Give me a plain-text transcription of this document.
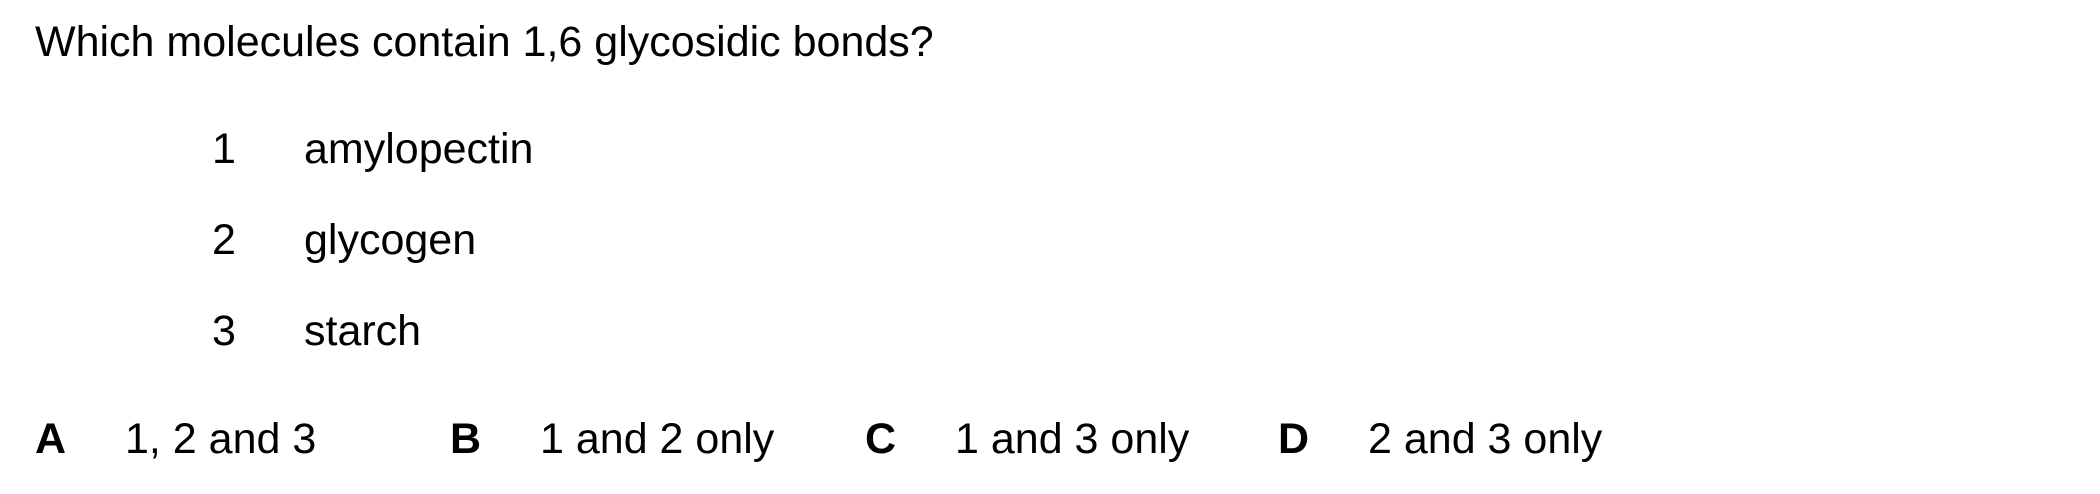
Which molecules contain 1,6 glycosidic bonds?
1 amylopectin
2 glycogen
3 starch
A 1, 2 and 3	B 1 and 2 only C 1 and 3 only D 2 and 3 only
